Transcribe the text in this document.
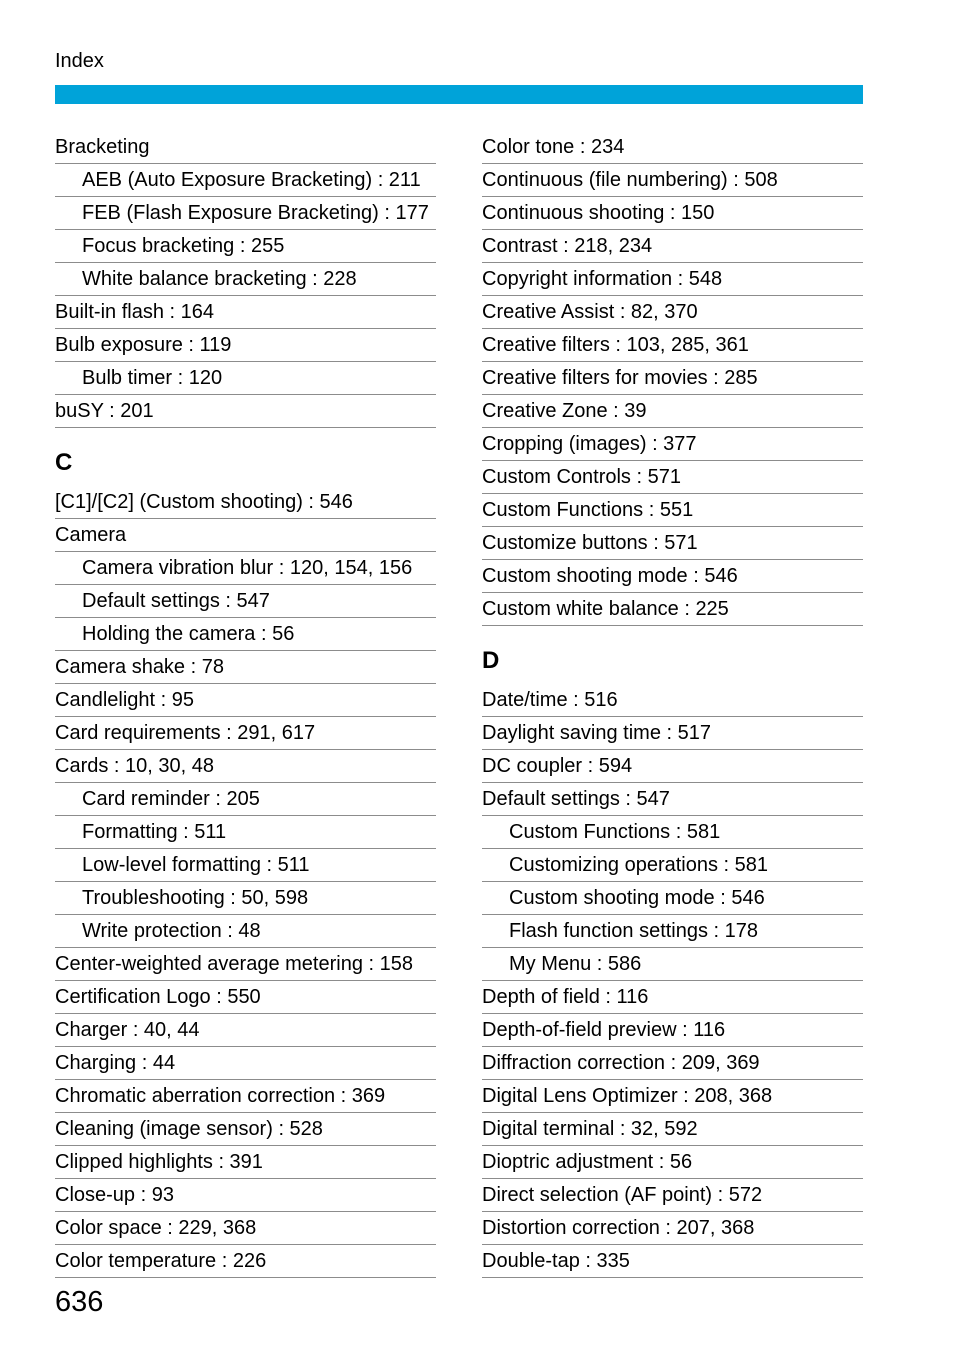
Index
Bracketing
AEB (Auto Exposure Bracketing) : 211
FEB (Flash Exposure Bracketing) : 177
Focus bracketing : 255
White balance bracketing : 228
Built-in flash : 164
Bulb exposure : 119
Bulb timer : 120
buSY : 201
C
[C1]/[C2] (Custom shooting) : 546
Camera
Camera vibration blur : 120, 154, 156
Default settings : 547
Holding the camera : 56
Camera shake : 78
Candlelight : 95
Card requirements : 291, 617
Cards : 10, 30, 48
Card reminder : 205
Formatting : 511
Low-level formatting : 511
Troubleshooting : 50, 598
Write protection : 48
Center-weighted average metering : 158
Certification Logo : 550
Charger : 40, 44
Charging : 44
Chromatic aberration correction : 369
Cleaning (image sensor) : 528
Clipped highlights : 391
Close-up : 93
Color space : 229, 368
Color temperature : 226
Color tone : 234
Continuous (file numbering) : 508
Continuous shooting : 150
Contrast : 218, 234
Copyright information : 548
Creative Assist : 82, 370
Creative filters : 103, 285, 361
Creative filters for movies : 285
Creative Zone : 39
Cropping (images) : 377
Custom Controls : 571
Custom Functions : 551
Customize buttons : 571
Custom shooting mode : 546
Custom white balance : 225
D
Date/time : 516
Daylight saving time : 517
DC coupler : 594
Default settings : 547
Custom Functions : 581
Customizing operations : 581
Custom shooting mode : 546
Flash function settings : 178
My Menu : 586
Depth of field : 116
Depth-of-field preview : 116
Diffraction correction : 209, 369
Digital Lens Optimizer : 208, 368
Digital terminal : 32, 592
Dioptric adjustment : 56
Direct selection (AF point) : 572
Distortion correction : 207, 368
Double-tap : 335
636
